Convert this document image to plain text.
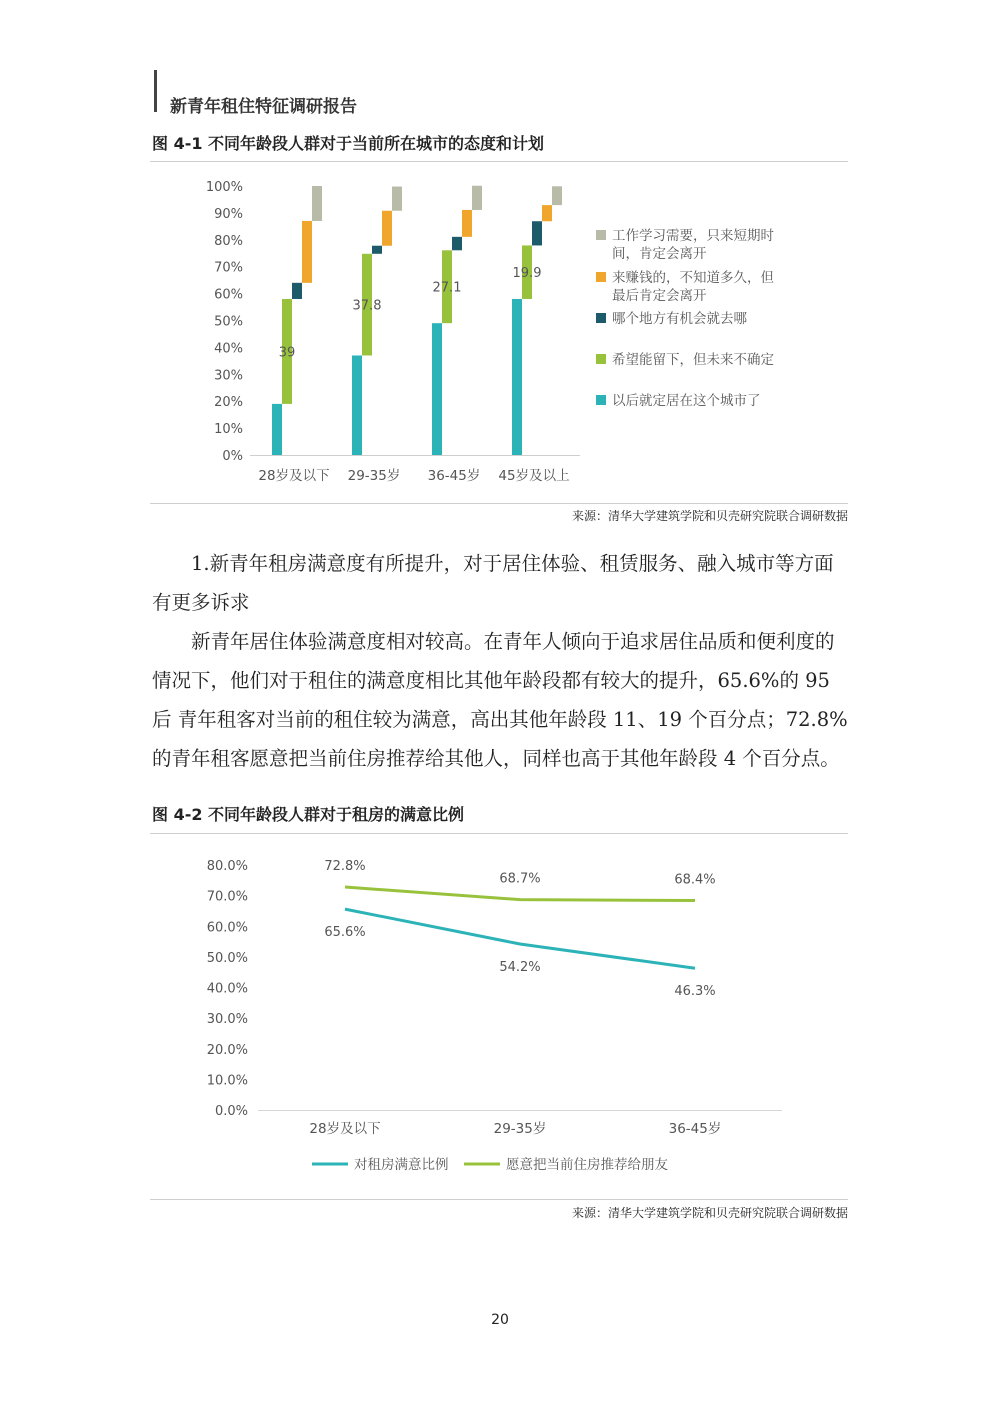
新青年租住特征调研报告
图 4-1 不同年龄段人群对于当前所在城市的态度和计划
0%
10%
20%
30%
40%
50%
60%
70%
80%
90%
100%
39
37.8
27.1
19.9
28岁及以下 29-35岁 36-45岁 45岁及以上
工作学习需要，只来短期时
间，肯定会离开
来赚钱的，不知道多久，但
最后肯定会离开
哪个地方有机会就去哪
希望能留下，但未来不确定
以后就定居在这个城市了
来源：清华大学建筑学院和贝壳研究院联合调研数据

1.新青年租房满意度有所提升，对于居住体验、租赁服务、融入城市等方面

有更多诉求

新青年居住体验满意度相对较高。在青年人倾向于追求居住品质和便利度的

情况下，他们对于租住的满意度相比其他年龄段都有较大的提升，65.6%的 95

后 青年租客对当前的租住较为满意，高出其他年龄段 11、19 个百分点；72.8%

的青年租客愿意把当前住房推荐给其他人，同样也高于其他年龄段 4 个百分点。

图 4-2 不同年龄段人群对于租房的满意比例
0.0%
10.0%
20.0%
30.0%
40.0%
50.0%
60.0%
70.0%
80.0%
65.6%
54.2%
46.3%
72.8%
68.7%	68.4%
28岁及以下	29-35岁	36-45岁
对租房满意比例	愿意把当前住房推荐给朋友
来源：清华大学建筑学院和贝壳研究院联合调研数据
20
